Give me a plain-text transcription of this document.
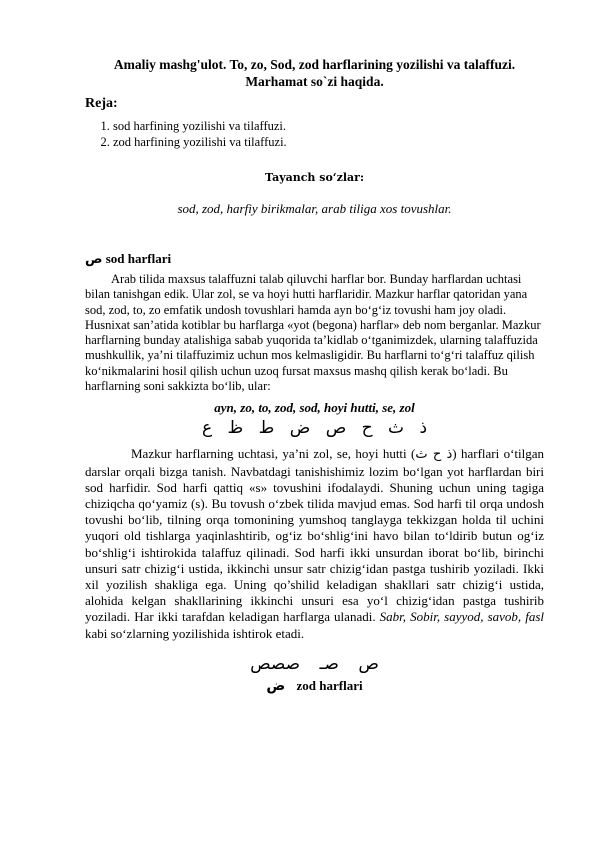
Amaliy mashg'ulot. To, zo, Sod, zod harflarining yozilishi va talaffuzi. Marhamat so`zi haqida.
Reja:
1. sod harfining yozilishi va tilaffuzi.
2. zod harfining yozilishi va tilaffuzi.
Tayanch so‘zlar:
sod, zod, harfiy birikmalar, arab tiliga xos tovushlar.
ص sod harflari

Arab tilida maxsus talaffuzni talab qiluvchi harflar bor. Bunday harflardan uchtasi bilan tanishgan edik. Ular zol, se va hoyi hutti harflaridir. Mazkur harflar qatoridan yana sod, zod, to, zo emfatik undosh tovushlari hamda ayn bo‘g‘iz tovushi ham joy oladi. Husnixat san’atida kotiblar bu harflarga «yot (begona) harflar» deb nom berganlar. Mazkur harflarning bunday atalishiga sabab yuqorida ta’kidlab o‘tganimizdek, ularning talaffuzida mushkullik, ya’ni tilaffuzimiz uchun mos kelmasligidir. Bu harflarni to‘g‘ri talaffuz qilish ko‘nikmalarini hosil qilish uchun uzoq fursat maxsus mashq qilish kerak bo‘ladi. Bu harflarning soni sakkizta bo‘lib, ular:

ayn, zo, to, zod, sod, hoyi hutti, se, zol
ذ ث ح ص ض ط ظ ع

Mazkur harflarning uchtasi, ya’ni zol, se, hoyi hutti (ذ ح ث) harflari o‘tilgan darslar orqali bizga tanish. Navbatdagi tanishishimiz lozim bo‘lgan yot harflardan biri sod harfidir. Sod harfi qattiq «s» tovushini ifodalaydi. Shuning uchun uning tagiga chiziqcha qo‘yamiz (s). Bu tovush o‘zbek tilida mavjud emas. Sod harfi til orqa undosh tovushi bo‘lib, tilning orqa tomonining yumshoq tanglayga tekkizgan holda til uchini yuqori old tishlarga yaqinlashtirib, og‘iz bo‘shlig‘ini havo bilan to‘ldirib butun og‘iz bo‘shlig‘i ishtirokida talaffuz qilinadi. Sod harfi ikki unsurdan iborat bo‘lib, birinchi unsuri satr chizig‘i ustida, ikkinchi unsur satr chizig‘idan pastga tushirib yoziladi. Ikki xil yozilish shakliga ega. Uning qo’shilid keladigan shakllari satr chizig‘i ustida, alohida kelgan shakllarining ikkinchi unsuri esa yo‘l chizig‘idan pastga tushirib yoziladi. Har ikki tarafdan keladigan harflarga ulanadi. Sabr, Sobir, sayyod, savob, fasl kabi so‘zlarning yozilishida ishtirok etadi.

ص صـ صصص
ض zod harflari
